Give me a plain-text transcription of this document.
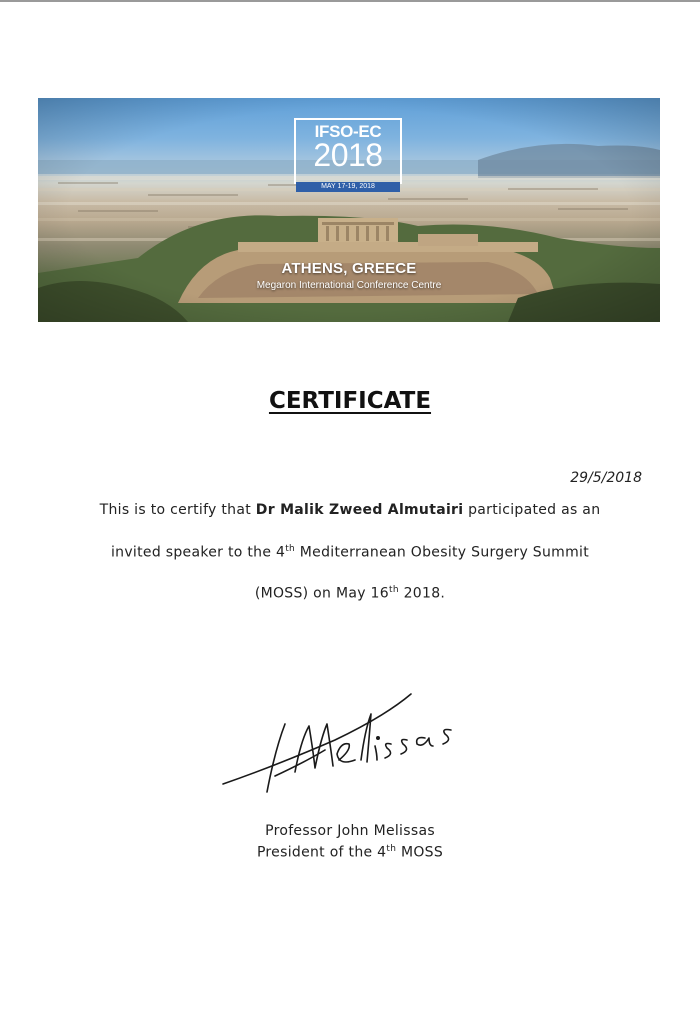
IFSO-EC
2018
MAY 17-19, 2018
ATHENS, GREECE
Megaron International Conference Centre
CERTIFICATE
29/5/2018
This is to certify that Dr Malik Zweed Almutairi participated as an
invited speaker to the 4th Mediterranean Obesity Surgery Summit
(MOSS) on May 16th 2018.
Professor John Melissas
President of the 4th MOSS
